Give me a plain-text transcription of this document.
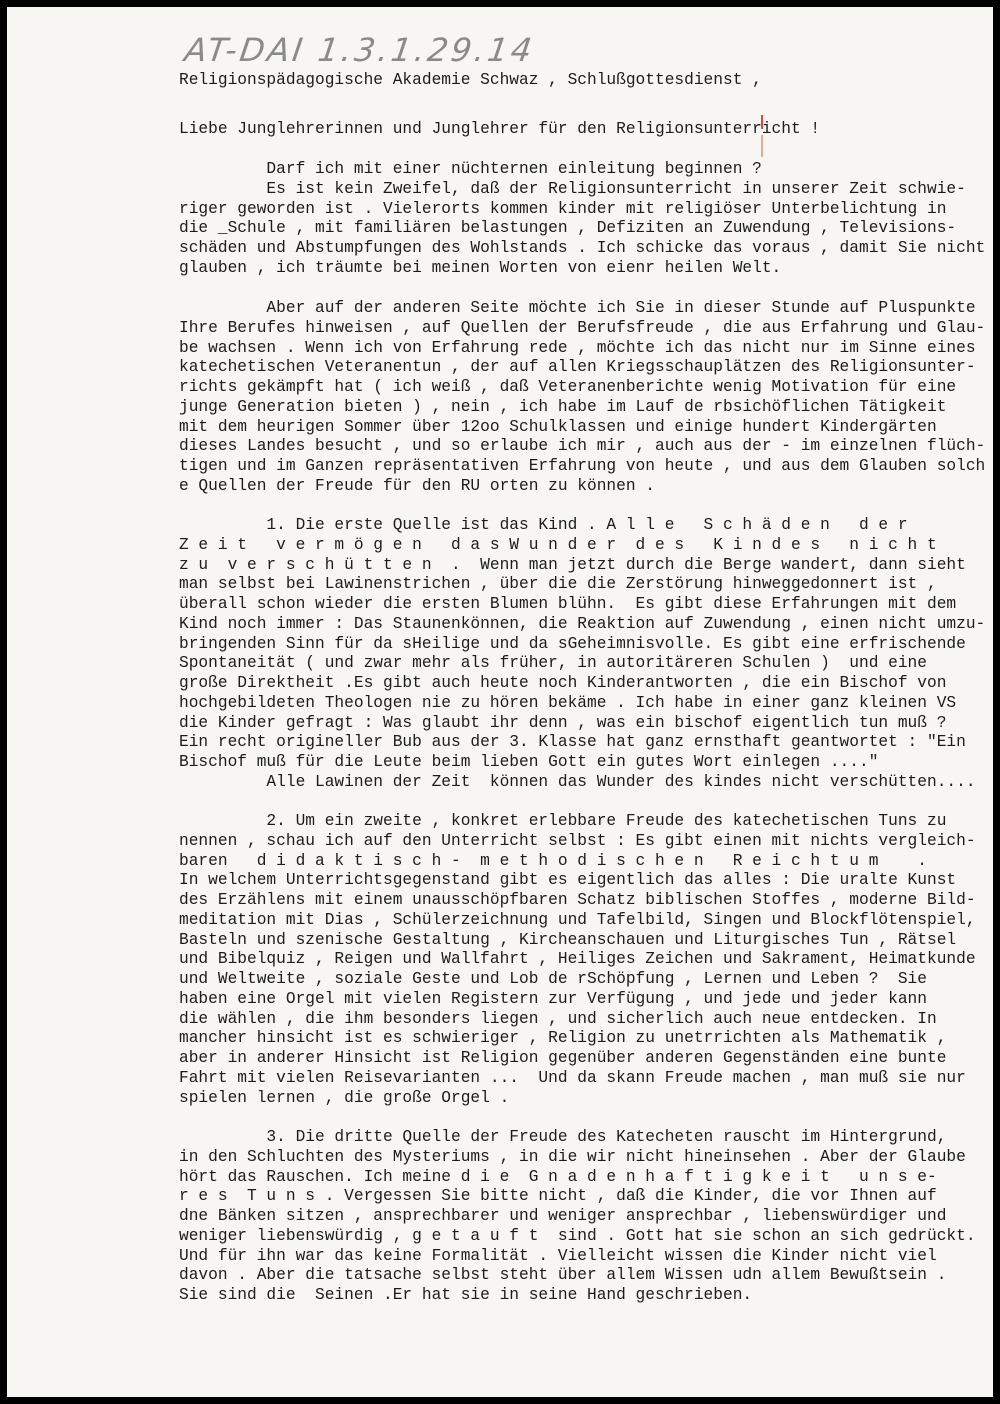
AT-DAI 1.3.1.29.14
Religionspädagogische Akademie Schwaz , Schlußgottesdienst ,
Liebe Junglehrerinnen und Junglehrer für den Religionsunterricht !
Darf ich mit einer nüchternen einleitung beginnen ?
Es ist kein Zweifel, daß der Religionsunterricht in unserer Zeit schwie-
riger geworden ist . Vielerorts kommen kinder mit religiöser Unterbelichtung in
die _Schule , mit familiären belastungen , Defiziten an Zuwendung , Televisions-
schäden und Abstumpfungen des Wohlstands . Ich schicke das voraus , damit Sie nicht
glauben , ich träumte bei meinen Worten von eienr heilen Welt.
Aber auf der anderen Seite möchte ich Sie in dieser Stunde auf Pluspunkte
Ihre Berufes hinweisen , auf Quellen der Berufsfreude , die aus Erfahrung und Glau-
be wachsen . Wenn ich von Erfahrung rede , möchte ich das nicht nur im Sinne eines
katechetischen Veteranentun , der auf allen Kriegsschauplätzen des Religionsunter-
richts gekämpft hat ( ich weiß , daß Veteranenberichte wenig Motivation für eine
junge Generation bieten ) , nein , ich habe im Lauf de rbsichöflichen Tätigkeit
mit dem heurigen Sommer über 12oo Schulklassen und einige hundert Kindergärten
dieses Landes besucht , und so erlaube ich mir , auch aus der - im einzelnen flüch-
tigen und im Ganzen repräsentativen Erfahrung von heute , und aus dem Glauben solch
e Quellen der Freude für den RU orten zu können .
1. Die erste Quelle ist das Kind . A l l e   S c h ä d e n   d e r
Z e i t   v e r m ö g e n   d a s W u n d e r  d e s   K i n d e s   n i c h t
z u  v e r s c h ü t t e n  .  Wenn man jetzt durch die Berge wandert, dann sieht
man selbst bei Lawinenstrichen , über die die Zerstörung hinweggedonnert ist ,
überall schon wieder die ersten Blumen blühn.  Es gibt diese Erfahrungen mit dem
Kind noch immer : Das Staunenkönnen, die Reaktion auf Zuwendung , einen nicht umzu-
bringenden Sinn für da sHeilige und da sGeheimnisvolle. Es gibt eine erfrischende
Spontaneität ( und zwar mehr als früher, in autoritäreren Schulen )  und eine
große Direktheit .Es gibt auch heute noch Kinderantworten , die ein Bischof von
hochgebildeten Theologen nie zu hören bekäme . Ich habe in einer ganz kleinen VS
die Kinder gefragt : Was glaubt ihr denn , was ein bischof eigentlich tun muß ?
Ein recht origineller Bub aus der 3. Klasse hat ganz ernsthaft geantwortet : "Ein
Bischof muß für die Leute beim lieben Gott ein gutes Wort einlegen ...."
Alle Lawinen der Zeit  können das Wunder des kindes nicht verschütten....
2. Um ein zweite , konkret erlebbare Freude des katechetischen Tuns zu
nennen , schau ich auf den Unterricht selbst : Es gibt einen mit nichts vergleich-
baren   d i d a k t i s c h -  m e t h o d i s c h e n   R e i c h t u m    .
In welchem Unterrichtsgegenstand gibt es eigentlich das alles : Die uralte Kunst
des Erzählens mit einem unausschöpfbaren Schatz biblischen Stoffes , moderne Bild-
meditation mit Dias , Schülerzeichnung und Tafelbild, Singen und Blockflötenspiel,
Basteln und szenische Gestaltung , Kircheanschauen und Liturgisches Tun , Rätsel
und Bibelquiz , Reigen und Wallfahrt , Heiliges Zeichen und Sakrament, Heimatkunde
und Weltweite , soziale Geste und Lob de rSchöpfung , Lernen und Leben ?  Sie
haben eine Orgel mit vielen Registern zur Verfügung , und jede und jeder kann
die wählen , die ihm besonders liegen , und sicherlich auch neue entdecken. In
mancher hinsicht ist es schwieriger , Religion zu unetrrichten als Mathematik ,
aber in anderer Hinsicht ist Religion gegenüber anderen Gegenständen eine bunte
Fahrt mit vielen Reisevarianten ...  Und da skann Freude machen , man muß sie nur
spielen lernen , die große Orgel .
3. Die dritte Quelle der Freude des Katecheten rauscht im Hintergrund,
in den Schluchten des Mysteriums , in die wir nicht hineinsehen . Aber der Glaube
hört das Rauschen. Ich meine d i e  G n a d e n h a f t i g k e i t   u n s e-
r e s  T u n s . Vergessen Sie bitte nicht , daß die Kinder, die vor Ihnen auf
dne Bänken sitzen , ansprechbarer und weniger ansprechbar , liebenswürdiger und
weniger liebenswürdig , g e t a u f t  sind . Gott hat sie schon an sich gedrückt.
Und für ihn war das keine Formalität . Vielleicht wissen die Kinder nicht viel
davon . Aber die tatsache selbst steht über allem Wissen udn allem Bewußtsein .
Sie sind die  Seinen .Er hat sie in seine Hand geschrieben.
